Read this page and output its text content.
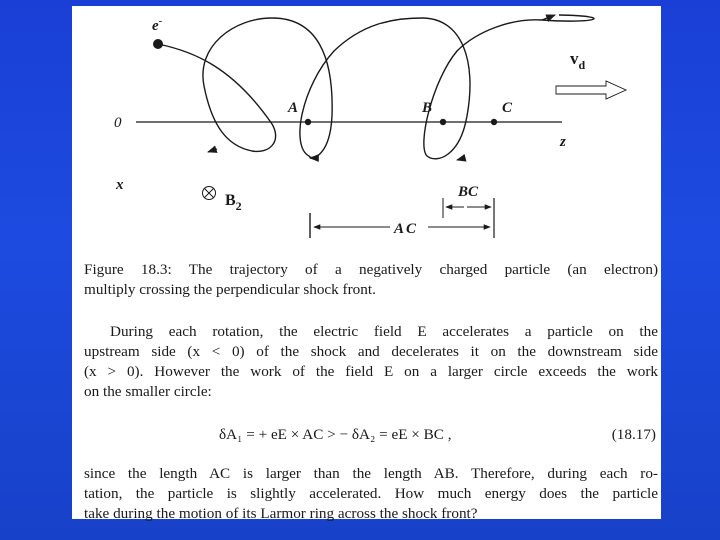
e-
$v_d$
0
z
x
A	B	C
$B_2$
BC
AC
Figure 18.3: The trajectory of a negatively charged particle (an electron)
multiply crossing the perpendicular shock front.
During each rotation, the electric field E accelerates a particle on the
upstream side (x < 0) of the shock and decelerates it on the downstream side
(x > 0). However the work of the field E on a larger circle exceeds the work
on the smaller circle:
δA₁ = + eE × AC > − δA₂ = eE × BC ,	(18.17)
since the length AC is larger than the length AB. Therefore, during each ro-
tation, the particle is slightly accelerated. How much energy does the particle
take during the motion of its Larmor ring across the shock front?
